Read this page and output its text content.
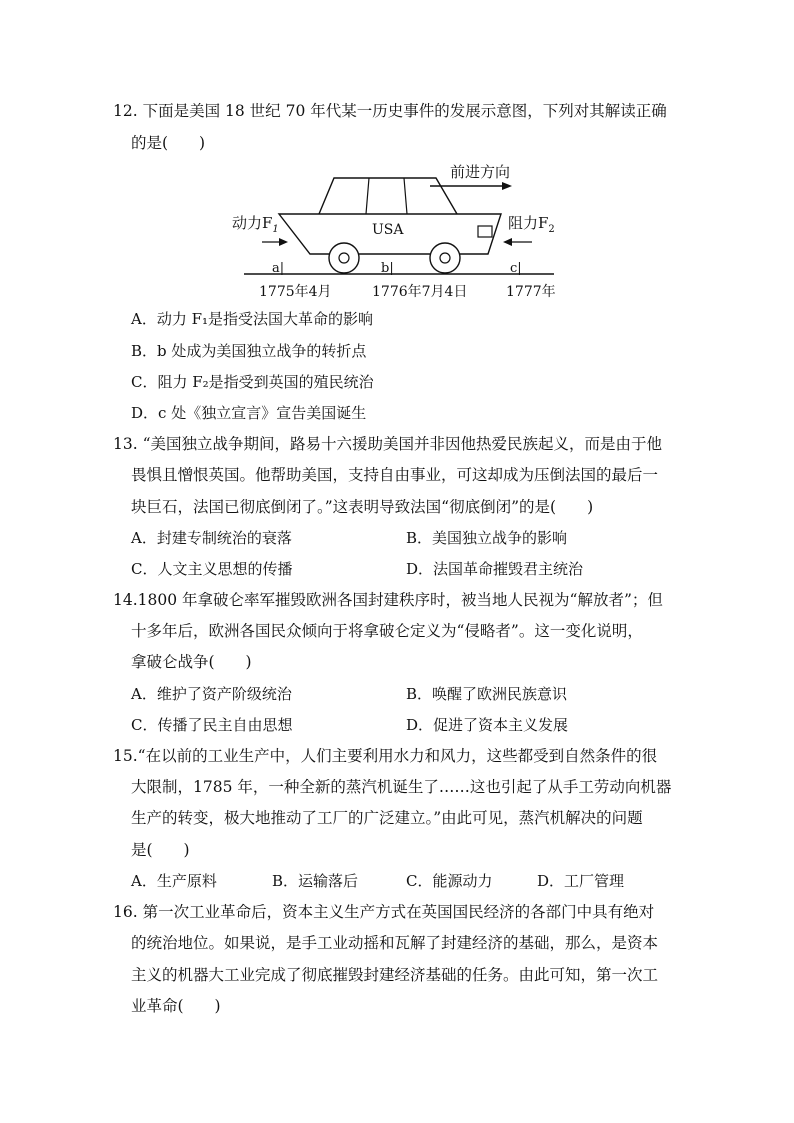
12. 下面是美国 18 世纪 70 年代某一历史事件的发展示意图，下列对其解读正确
的是(　　)
前进方向
USA
动力$F_1$	阻力$F_2$
a|	b|	c|
1775年4月	1776年7月4日	1777年
A．动力 F₁是指受法国大革命的影响
B．b 处成为美国独立战争的转折点
C．阻力 F₂是指受到英国的殖民统治
D．c 处《独立宣言》宣告美国诞生
13. “美国独立战争期间，路易十六援助美国并非因他热爱民族起义，而是由于他
畏惧且憎恨英国。他帮助美国，支持自由事业，可这却成为压倒法国的最后一
块巨石，法国已彻底倒闭了。”这表明导致法国“彻底倒闭”的是(　　)
A．封建专制统治的衰落	B．美国独立战争的影响
C．人文主义思想的传播	D．法国革命摧毁君主统治
14.1800 年拿破仑率军摧毁欧洲各国封建秩序时，被当地人民视为“解放者”；但
十多年后，欧洲各国民众倾向于将拿破仑定义为“侵略者”。这一变化说明，
拿破仑战争(　　)
A．维护了资产阶级统治	B．唤醒了欧洲民族意识
C．传播了民主自由思想	D．促进了资本主义发展
15.“在以前的工业生产中，人们主要利用水力和风力，这些都受到自然条件的很
大限制，1785 年，一种全新的蒸汽机诞生了……这也引起了从手工劳动向机器
生产的转变，极大地推动了工厂的广泛建立。”由此可见，蒸汽机解决的问题
是(　　)
A．生产原料	B．运输落后	C．能源动力	D．工厂管理
16. 第一次工业革命后，资本主义生产方式在英国国民经济的各部门中具有绝对
的统治地位。如果说，是手工业动摇和瓦解了封建经济的基础，那么，是资本
主义的机器大工业完成了彻底摧毁封建经济基础的任务。由此可知，第一次工
业革命(　　)
